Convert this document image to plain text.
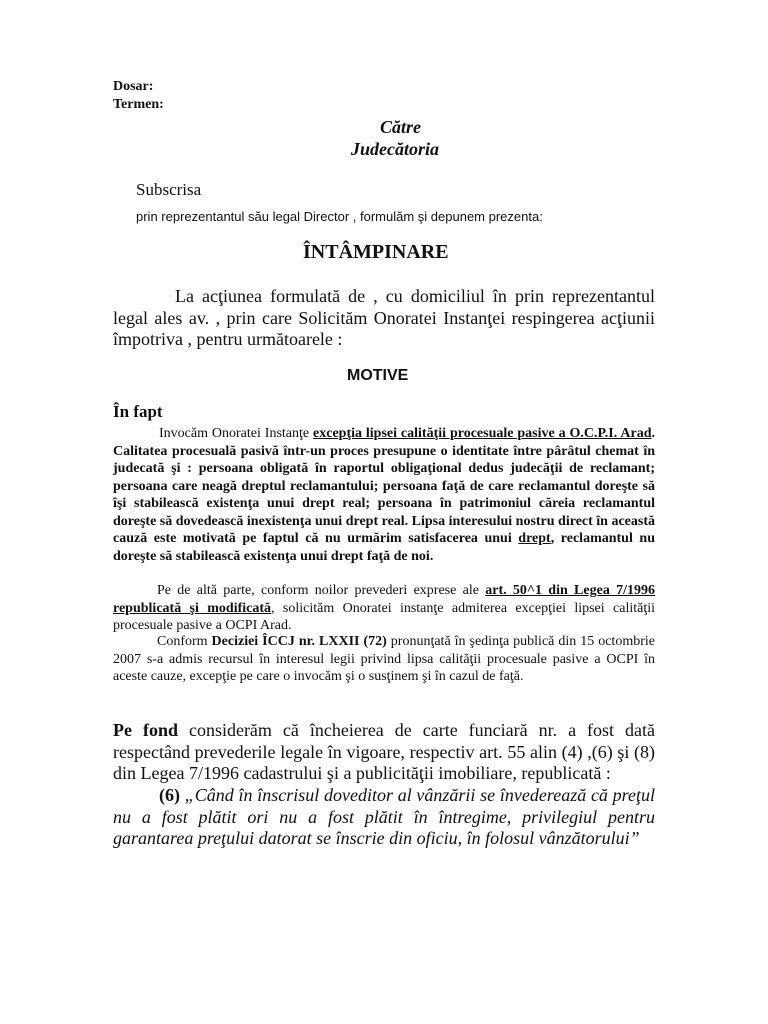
Dosar:
Termen:
Către
Judecătoria
Subscrisa
prin reprezentantul său legal Director , formulăm şi depunem prezenta:
ÎNTÂMPINARE
La acţiunea formulată de , cu domiciliul în prin reprezentantul legal ales av. , prin care Solicităm Onoratei Instanţei respingerea acţiunii împotriva , pentru următoarele :
MOTIVE
În fapt
Invocăm Onoratei Instanţe excepţia lipsei calităţii procesuale pasive a O.C.P.I. Arad. Calitatea procesuală pasivă într-un proces presupune o identitate între pârâtul chemat în judecată şi : persoana obligată în raportul obligaţional dedus judecăţii de reclamant; persoana care neagă dreptul reclamantului; persoana faţă de care reclamantul doreşte să îşi stabilească existenţa unui drept real; persoana în patrimoniul căreia reclamantul doreşte să dovedească inexistenţa unui drept real. Lipsa interesului nostru direct în această cauză este motivată pe faptul că nu urmărim satisfacerea unui drept, reclamantul nu doreşte să stabilească existenţa unui drept faţă de noi.
Pe de altă parte, conform noilor prevederi exprese ale art. 50^1 din Legea 7/1996 republicată şi modificată, solicităm Onoratei instanţe admiterea excepţiei lipsei calităţii procesuale pasive a OCPI Arad.
Conform Deciziei ÎCCJ nr. LXXII (72) pronunţată în şedinţa publică din 15 octombrie 2007 s-a admis recursul în interesul legii privind lipsa calităţii procesuale pasive a OCPI în aceste cauze, excepţie pe care o invocăm şi o susţinem şi în cazul de faţă.
Pe fond considerăm că încheierea de carte funciară nr. a fost dată respectând prevederile legale în vigoare, respectiv art. 55 alin (4) ,(6) şi (8) din Legea 7/1996 cadastrului şi a publicităţii imobiliare, republicată :
(6) „Când în înscrisul doveditor al vânzării se învederează că preţul nu a fost plătit ori nu a fost plătit în întregime, privilegiul pentru garantarea preţului datorat se înscrie din oficiu, în folosul vânzătorului”
